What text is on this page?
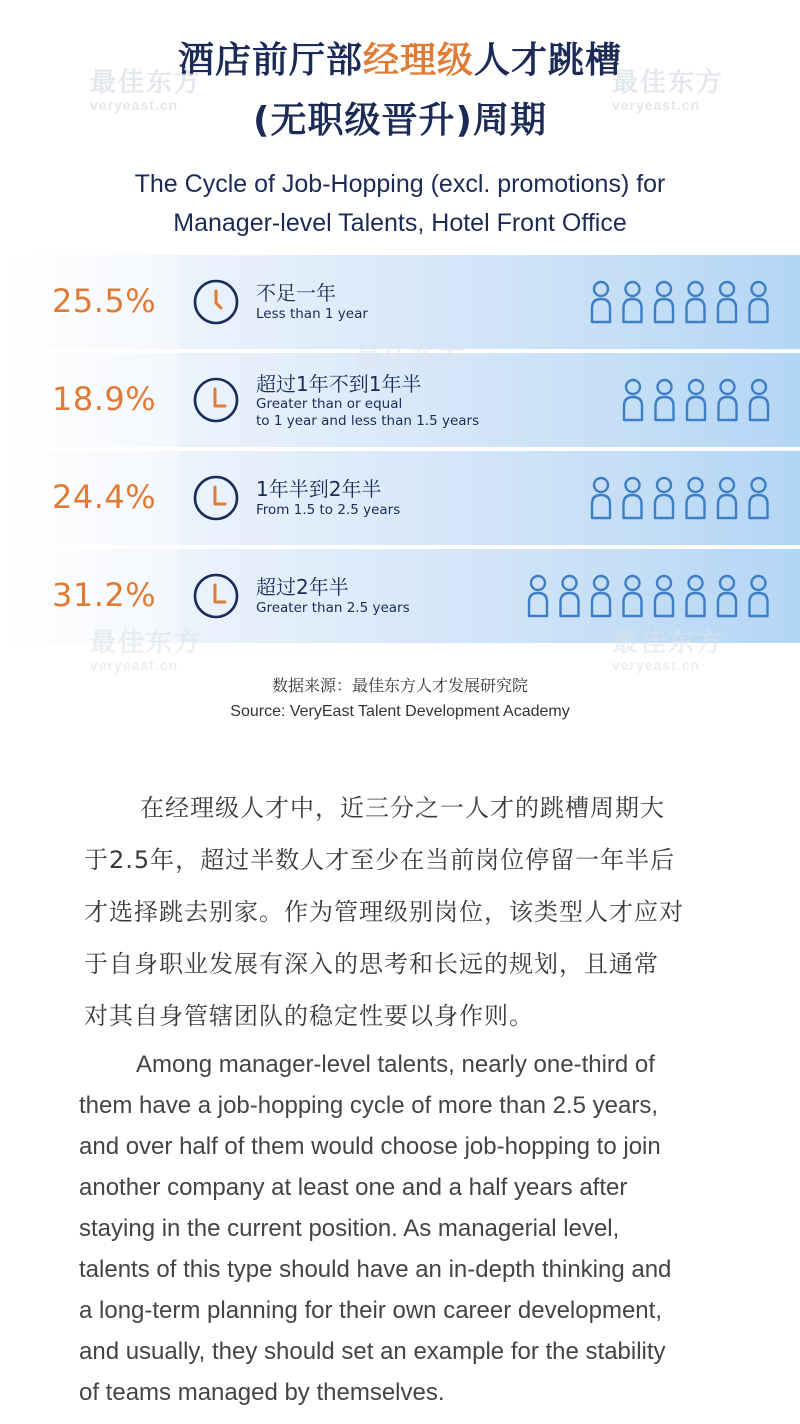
酒店前厅部经理级人才跳槽
(无职级晋升)周期
The Cycle of Job-Hopping (excl. promotions) for
Manager-level Talents, Hotel Front Office
最佳东方
veryeast.cn
最佳东方
veryeast.cn
25.5%	不足一年
Less than 1 year
18.9%	超过1年不到1年半
Greater than or equal
to 1 year and less than 1.5 years
24.4%	1年半到2年半
From 1.5 to 2.5 years
31.2%	超过2年半
Greater than 2.5 years
最佳东方
最佳东方
veryeast.cn
最佳东方
veryeast.cn
数据来源：最佳东方人才发展研究院
Source: VeryEast Talent Development Academy
在经理级人才中，近三分之一人才的跳槽周期大
于2.5年，超过半数人才至少在当前岗位停留一年半后
才选择跳去别家。作为管理级别岗位，该类型人才应对
于自身职业发展有深入的思考和长远的规划，且通常
对其自身管辖团队的稳定性要以身作则。
Among manager-level talents, nearly one-third of
them have a job-hopping cycle of more than 2.5 years,
and over half of them would choose job-hopping to join
another company at least one and a half years after
staying in the current position. As managerial level,
talents of this type should have an in-depth thinking and
a long-term planning for their own career development,
and usually, they should set an example for the stability
of teams managed by themselves.
